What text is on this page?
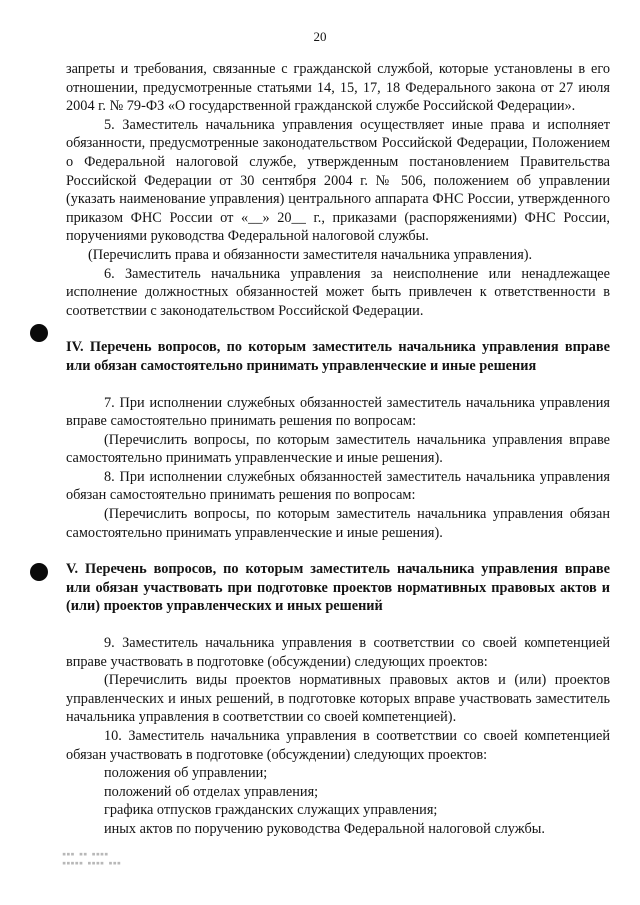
20

запреты и требования, связанные с гражданской службой, которые установлены в его отношении, предусмотренные статьями 14, 15, 17, 18 Федерального закона от 27 июля 2004 г. № 79-ФЗ «О государственной гражданской службе Российской Федерации».

5. Заместитель начальника управления осуществляет иные права и исполняет обязанности, предусмотренные законодательством Российской Федерации, Положением о Федеральной налоговой службе, утвержденным постановлением Правительства Российской Федерации от 30 сентября 2004 г. № 506, положением об управлении (указать наименование управления) центрального аппарата ФНС России, утвержденного приказом ФНС России от «__» 20__ г., приказами (распоряжениями) ФНС России, поручениями руководства Федеральной налоговой службы.

(Перечислить права и обязанности заместителя начальника управления).

6. Заместитель начальника управления за неисполнение или ненадлежащее исполнение должностных обязанностей может быть привлечен к ответственности в соответствии с законодательством Российской Федерации.

IV. Перечень вопросов, по которым заместитель начальника управления вправе или обязан самостоятельно принимать управленческие и иные решения

7. При исполнении служебных обязанностей заместитель начальника управления вправе самостоятельно принимать решения по вопросам:

(Перечислить вопросы, по которым заместитель начальника управления вправе самостоятельно принимать управленческие и иные решения).

8. При исполнении служебных обязанностей заместитель начальника управления обязан самостоятельно принимать решения по вопросам:

(Перечислить вопросы, по которым заместитель начальника управления обязан самостоятельно принимать управленческие и иные решения).

V. Перечень вопросов, по которым заместитель начальника управления вправе или обязан участвовать при подготовке проектов нормативных правовых актов и (или) проектов управленческих и иных решений

9. Заместитель начальника управления в соответствии со своей компетенцией вправе участвовать в подготовке (обсуждении) следующих проектов:

(Перечислить виды проектов нормативных правовых актов и (или) проектов управленческих и иных решений, в подготовке которых вправе участвовать заместитель начальника управления в соответствии со своей компетенцией).

10. Заместитель начальника управления в соответствии со своей компетенцией обязан участвовать в подготовке (обсуждении) следующих проектов:

положения об управлении;

положений об отделах управления;

графика отпусков гражданских служащих управления;

иных актов по поручению руководства Федеральной налоговой службы.

▪▪▪ ▪▪ ▪▪▪▪
▪▪▪▪▪ ▪▪▪▪ ▪▪▪
